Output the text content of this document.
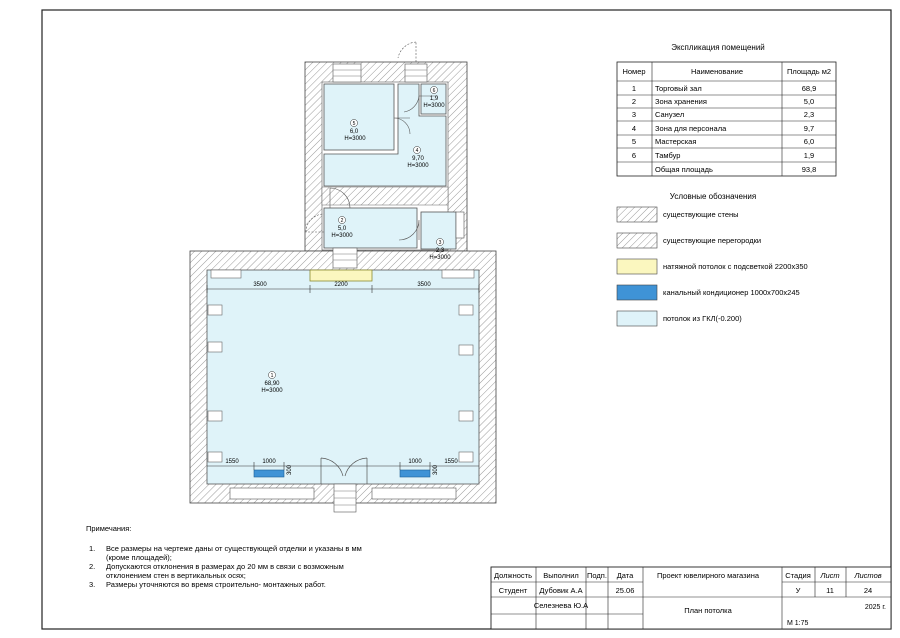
3500	2200	3500
1550	1000	1000	1550
300	300
1
68,90
H=3000
2
5,0
H=3000
3
2,3
H=3000
4
9,70
H=3000
5
6,0
H=3000
6
1,9
H=3000
Экспликация помещений
Номер	Наименование	Площадь м2
1	Торговый зал	68,9
2	Зона хранения	5,0
3	Санузел	2,3
4	Зона для персонала	9,7
5	Мастерская	6,0
6	Тамбур	1,9
Общая площадь	93,8
Условные обозначения
существующие стены
существующие перегородки
натяжной потолок с подсветкой 2200х350
канальный кондиционер 1000х700х245
потолок из ГКЛ(-0.200)
Примечания:
1. Все размеры на чертеже даны от существующей отделки и указаны в мм
(кроме площадей);
2. Допускаются отклонения в размерах до 20 мм в связи с возможным
отклонением стен в вертикальных осях;
3. Размеры уточняются во время строительно- монтажных работ.
Должность Выполнил Подп. Дата
Студент Дубовик А.А	25.06
Селезнева Ю.А
Проект ювелирного магазина
План потолка
Стадия Лист Листов
У	11	24
2025 г.
М 1:75
